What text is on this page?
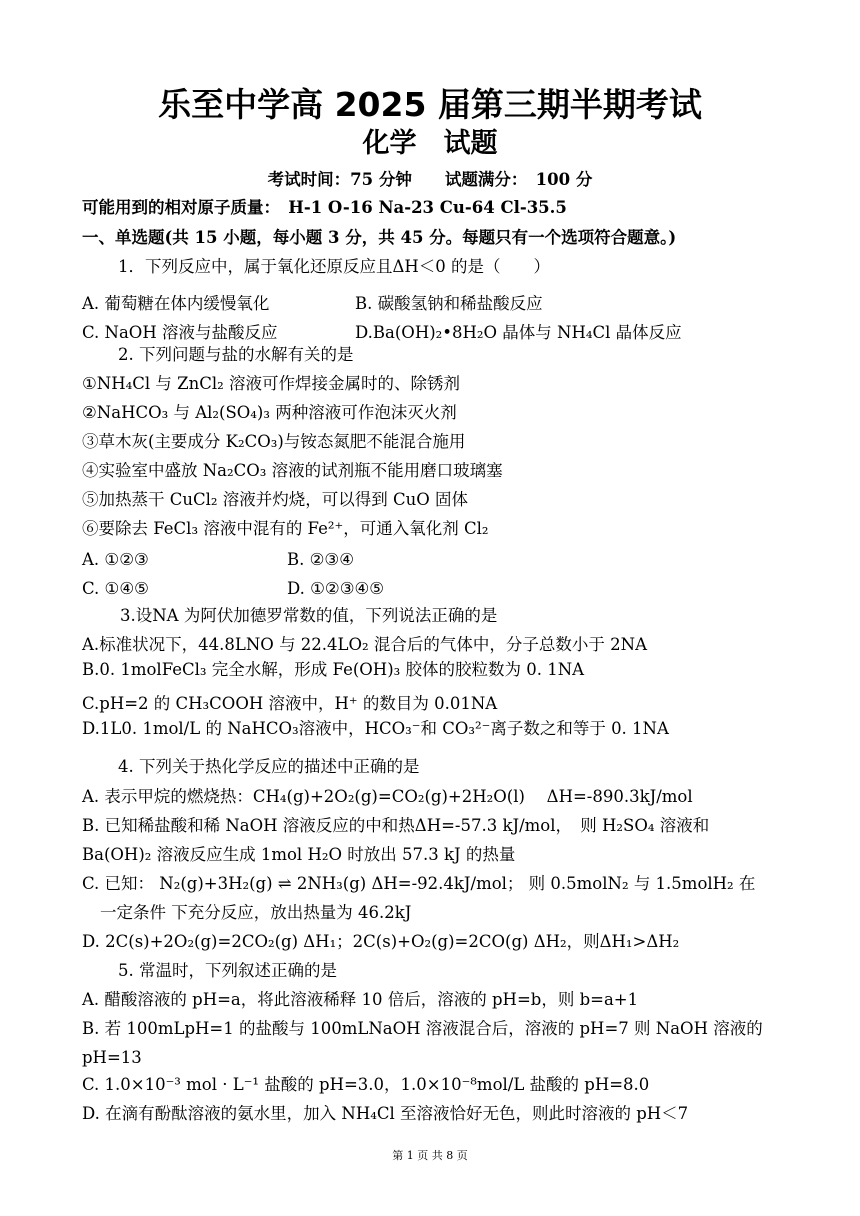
乐至中学高 2025 届第三期半期考试
化学　试题
考试时间：75 分钟　　试题满分：　100 分
可能用到的相对原子质量：　H-1 O-16 Na-23 Cu-64 Cl-35.5
一、单选题(共 15 小题，每小题 3 分，共 45 分。每题只有一个选项符合题意。)
1．下列反应中，属于氧化还原反应且ΔH＜0 的是（　　）
A. 葡萄糖在体内缓慢氧化	B. 碳酸氢钠和稀盐酸反应
C. NaOH 溶液与盐酸反应	D.Ba(OH)₂•8H₂O 晶体与 NH₄Cl 晶体反应
2. 下列问题与盐的水解有关的是
①NH₄Cl 与 ZnCl₂ 溶液可作焊接金属时的、除锈剂
②NaHCO₃ 与 Al₂(SO₄)₃ 两种溶液可作泡沫灭火剂
③草木灰(主要成分 K₂CO₃)与铵态氮肥不能混合施用
④实验室中盛放 Na₂CO₃ 溶液的试剂瓶不能用磨口玻璃塞
⑤加热蒸干 CuCl₂ 溶液并灼烧，可以得到 CuO 固体
⑥要除去 FeCl₃ 溶液中混有的 Fe²⁺，可通入氧化剂 Cl₂
A. ①②③	B. ②③④
C. ①④⑤	D. ①②③④⑤
3.设NA 为阿伏加德罗常数的值，下列说法正确的是
A.标准状况下，44.8LNO 与 22.4LO₂ 混合后的气体中，分子总数小于 2NA
B.0. 1molFeCl₃ 完全水解，形成 Fe(OH)₃ 胶体的胶粒数为 0. 1NA
C.pH=2 的 CH₃COOH 溶液中，H⁺ 的数目为 0.01NA
D.1L0. 1mol/L 的 NaHCO₃溶液中，HCO₃⁻和 CO₃²⁻离子数之和等于 0. 1NA
4. 下列关于热化学反应的描述中正确的是
A. 表示甲烷的燃烧热：CH₄(g)+2O₂(g)=CO₂(g)+2H₂O(l)　 ΔH=-890.3kJ/mol
B. 已知稀盐酸和稀 NaOH 溶液反应的中和热ΔH=-57.3 kJ/mol，　则 H₂SO₄ 溶液和
Ba(OH)₂ 溶液反应生成 1mol H₂O 时放出 57.3 kJ 的热量
C. 已知： N₂(g)+3H₂(g) ⇌ 2NH₃(g) ΔH=-92.4kJ/mol； 则 0.5molN₂ 与 1.5molH₂ 在
一定条件 下充分反应，放出热量为 46.2kJ
D. 2C(s)+2O₂(g)=2CO₂(g) ΔH₁；2C(s)+O₂(g)=2CO(g) ΔH₂，则ΔH₁>ΔH₂
5. 常温时，下列叙述正确的是
A. 醋酸溶液的 pH=a，将此溶液稀释 10 倍后，溶液的 pH=b，则 b=a+1
B. 若 100mLpH=1 的盐酸与 100mLNaOH 溶液混合后，溶液的 pH=7 则 NaOH 溶液的
pH=13
C. 1.0×10⁻³ mol · L⁻¹ 盐酸的 pH=3.0，1.0×10⁻⁸mol/L 盐酸的 pH=8.0
D. 在滴有酚酞溶液的氨水里，加入 NH₄Cl 至溶液恰好无色，则此时溶液的 pH＜7
第 1 页 共 8 页
